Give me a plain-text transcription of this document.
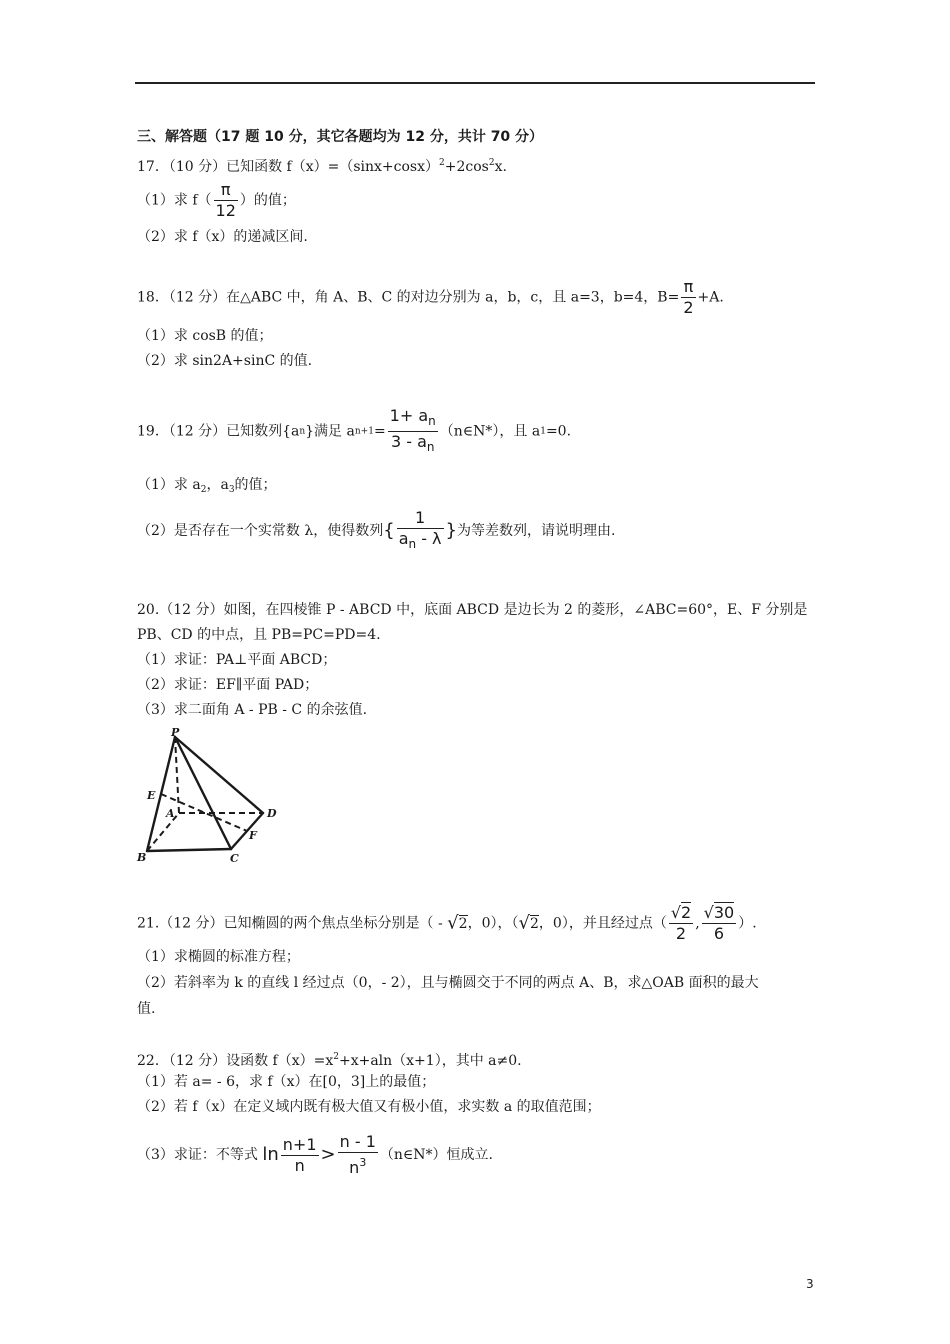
三、解答题（17 题 10 分，其它各题均为 12 分，共计 70 分）
17．（10 分）已知函数 $f(x)=(\sin x+\cos x)^2+2\cos^2x$.
（1）求 $f( \frac{\pi}{12}$ ）的值；
（2）求 f（x）的递减区间.
18．（12 分）在△ABC 中，角 A、B、C 的对边分别为 a，b，c，且 a=3，b=4，$B= \frac{\pi}{2} +A$.
（1）求 cosB 的值；
（2）求 sin2A+sinC 的值.
19．（12 分）已知数列{an}满足 $an+1= \frac{1+ a_n}{3 - a_n}$ （n∈N*），且 a1=0.
（1）求 $a_2$，$a_3$的值；
（2）是否存在一个实常数 λ，使得数列{ $\frac{1}{a_n - \lambda}$ }为等差数列，请说明理由.
20.（12 分）如图，在四棱锥 P - ABCD 中，底面 ABCD 是边长为 2 的菱形，∠ABC=60°，E、F 分别是
PB、CD 的中点，且 PB=PC=PD=4.
（1）求证：PA⊥平面 ABCD；
（2）求证：EF∥平面 PAD；
（3）求二面角 A - PB - C 的余弦值.
P
E
A	D
F
B	C
21.（12 分）已知椭圆的两个焦点坐标分别是（ - √2，0），（√2，0），并且经过点（ $\frac{√2}{2}$ , $\frac{√30}{6}$ ）.
（1）求椭圆的标准方程；
（2）若斜率为 k 的直线 l 经过点（0，- 2），且与椭圆交于不同的两点 A、B，求△OAB 面积的最大
值.
22．（12 分）设函数 $f(x)=x^2+x+aln(x+1)$，其中 a≠0.
（1）若 a= - 6，求 f（x）在[0，3]上的最值；
（2）若 f（x）在定义域内既有极大值又有极小值，求实数 a 的取值范围；
（3）求证：不等式 $\ln \frac{n+1}{n} > \frac{n - 1}{n^3}$ （n∈N*）恒成立.
3
